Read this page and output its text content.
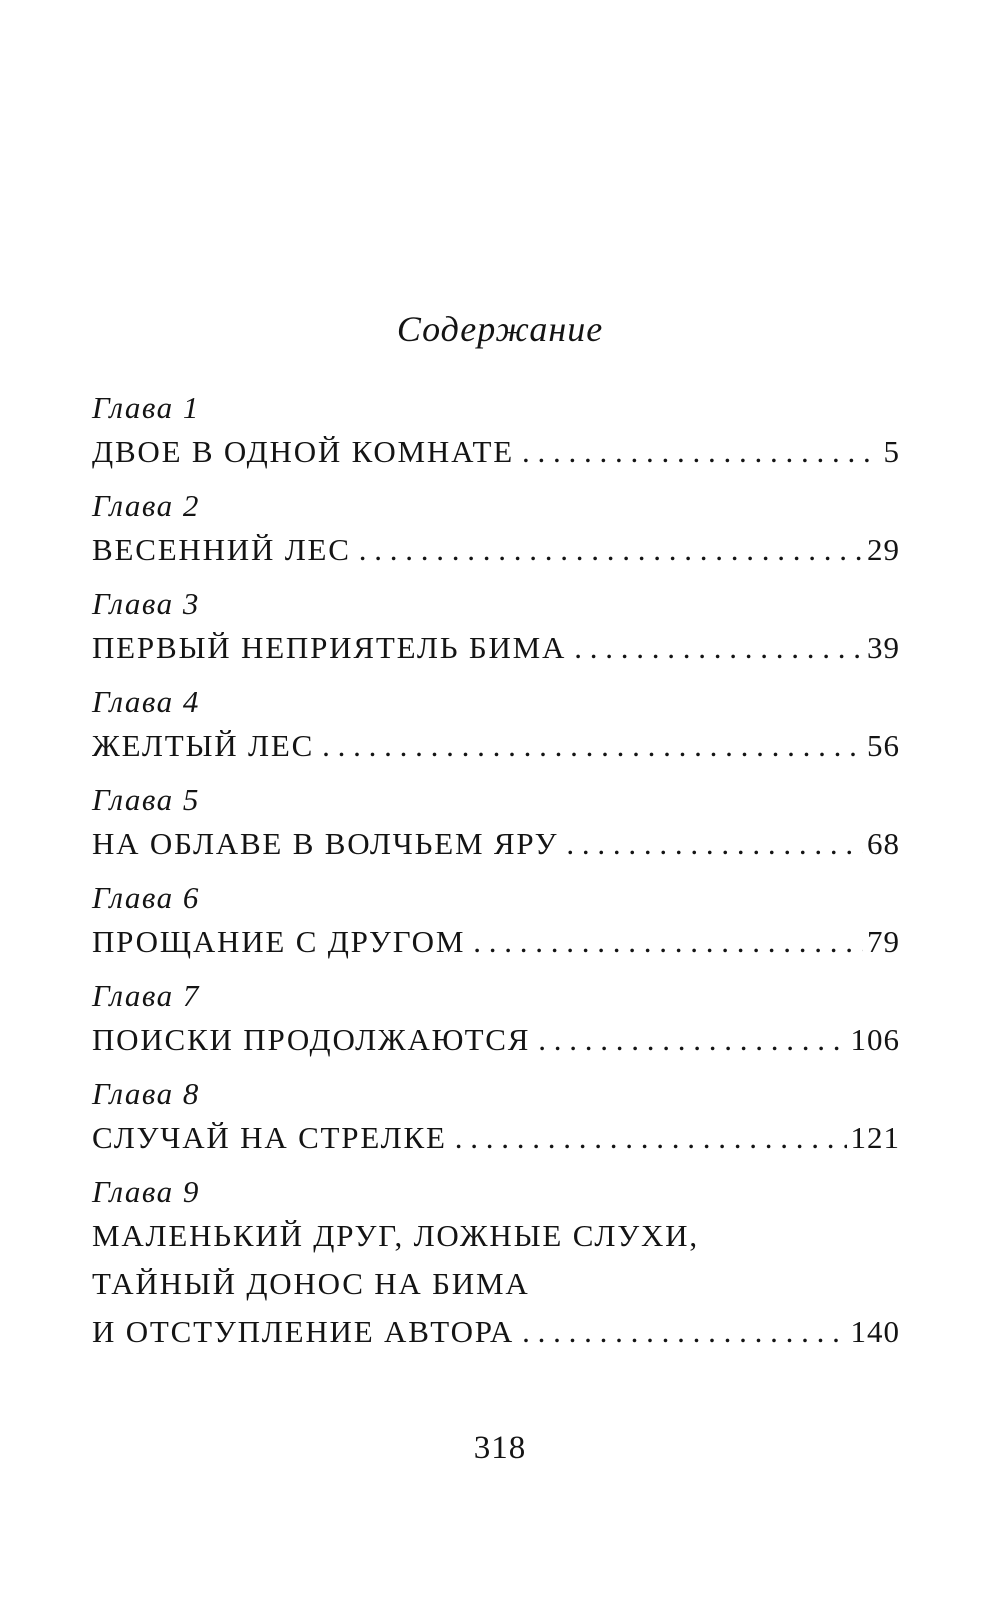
Содержание
Глава 1
ДВОЕ В ОДНОЙ КОМНАТЕ . . .	5
Глава 2
ВЕСЕННИЙ ЛЕС . . .	29
Глава 3
ПЕРВЫЙ НЕПРИЯТЕЛЬ БИМА . . .	39
Глава 4
ЖЕЛТЫЙ ЛЕС . . .	56
Глава 5
НА ОБЛАВЕ В ВОЛЧЬЕМ ЯРУ . . .	68
Глава 6
ПРОЩАНИЕ С ДРУГОМ . . .	79
Глава 7
ПОИСКИ ПРОДОЛЖАЮТСЯ . . .	106
Глава 8
СЛУЧАЙ НА СТРЕЛКЕ . . .	121
Глава 9
МАЛЕНЬКИЙ ДРУГ, ЛОЖНЫЕ СЛУХИ,
ТАЙНЫЙ ДОНОС НА БИМА
И ОТСТУПЛЕНИЕ АВТОРА . . .	140
318
